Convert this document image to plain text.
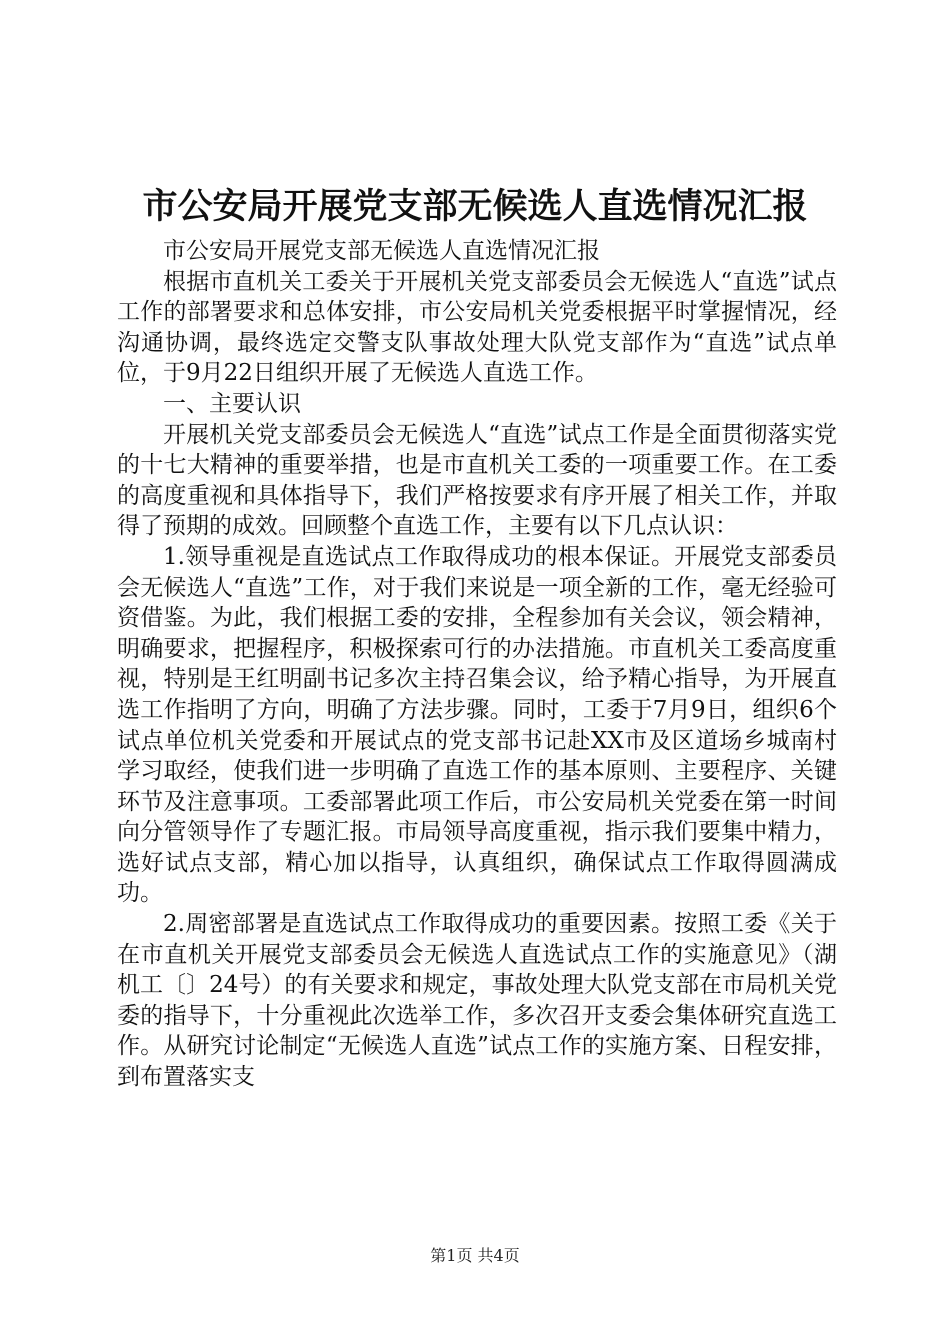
市公安局开展党支部无候选人直选情况汇报

市公安局开展党支部无候选人直选情况汇报

根据市直机关工委关于开展机关党支部委员会无候选人“直选”试点工作的部署要求和总体安排，市公安局机关党委根据平时掌握情况，经沟通协调，最终选定交警支队事故处理大队党支部作为“直选”试点单位，于9月22日组织开展了无候选人直选工作。

一、主要认识

开展机关党支部委员会无候选人“直选”试点工作是全面贯彻落实党的十七大精神的重要举措，也是市直机关工委的一项重要工作。在工委的高度重视和具体指导下，我们严格按要求有序开展了相关工作，并取得了预期的成效。回顾整个直选工作，主要有以下几点认识：

1.领导重视是直选试点工作取得成功的根本保证。开展党支部委员会无候选人“直选”工作，对于我们来说是一项全新的工作，毫无经验可资借鉴。为此，我们根据工委的安排，全程参加有关会议，领会精神，明确要求，把握程序，积极探索可行的办法措施。市直机关工委高度重视，特别是王红明副书记多次主持召集会议，给予精心指导，为开展直选工作指明了方向，明确了方法步骤。同时，工委于7月9日，组织6个试点单位机关党委和开展试点的党支部书记赴XX市及区道场乡城南村学习取经，使我们进一步明确了直选工作的基本原则、主要程序、关键环节及注意事项。工委部署此项工作后，市公安局机关党委在第一时间向分管领导作了专题汇报。市局领导高度重视，指示我们要集中精力，选好试点支部，精心加以指导，认真组织，确保试点工作取得圆满成功。

2.周密部署是直选试点工作取得成功的重要因素。按照工委《关于在市直机关开展党支部委员会无候选人直选试点工作的实施意见》（湖机工〔〕24号）的有关要求和规定，事故处理大队党支部在市局机关党委的指导下，十分重视此次选举工作，多次召开支委会集体研究直选工作。从研究讨论制定“无候选人直选”试点工作的实施方案、日程安排，到布置落实支

第1页 共4页
